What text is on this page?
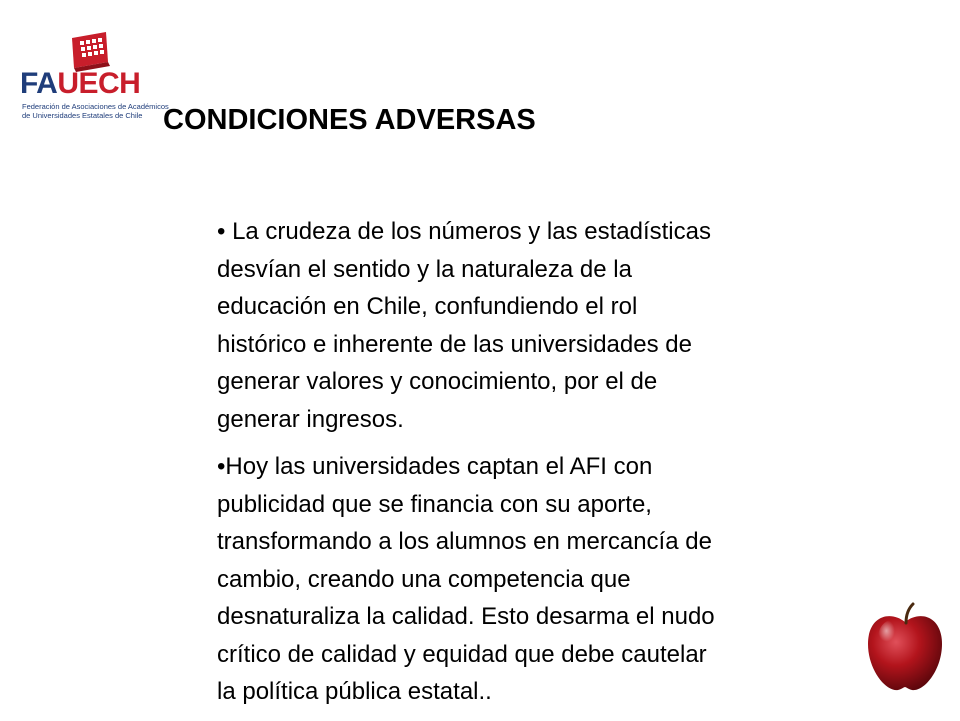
FAUECH
Federación de Asociaciones de Académicos
de Universidades Estatales de Chile CONDICIONES ADVERSAS

• La crudeza de los números y las estadísticas
desvían el sentido y la naturaleza de la
educación en Chile, confundiendo el rol
histórico e inherente de las universidades de
generar valores y conocimiento, por el de
generar ingresos.

•Hoy las universidades captan el AFI con
publicidad que se financia con su aporte,
transformando a los alumnos en mercancía de
cambio, creando una competencia que
desnaturaliza la calidad. Esto desarma el nudo
crítico de calidad y equidad que debe cautelar
la política pública estatal..
